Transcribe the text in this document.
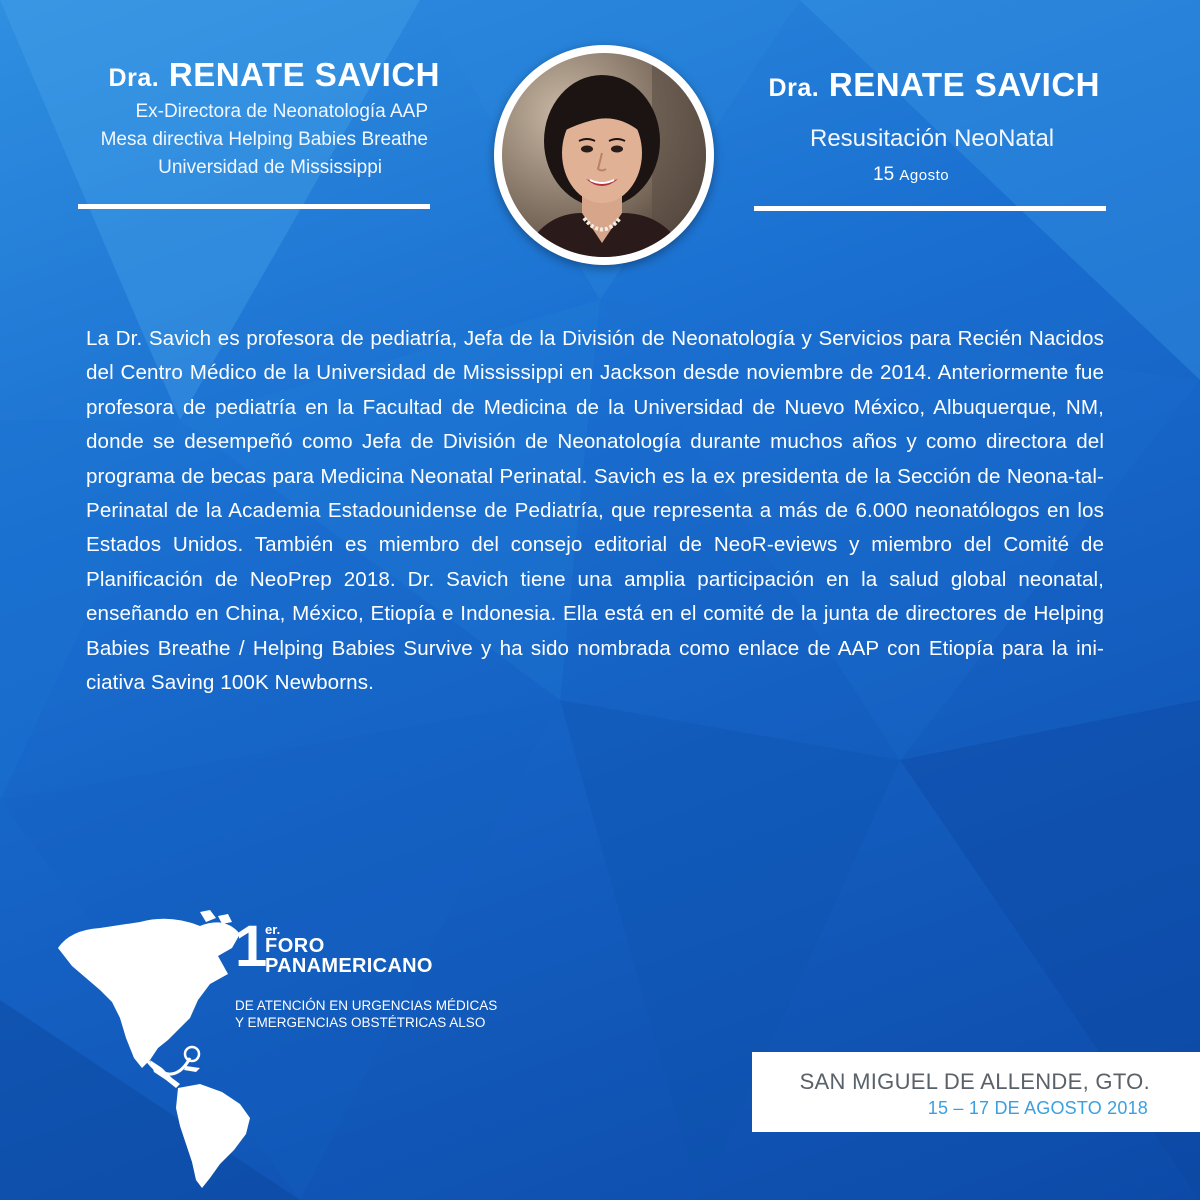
Dra. RENATE SAVICH
Ex-Directora de Neonatología AAP
Mesa directiva Helping Babies Breathe
Universidad de Mississippi
Dra. RENATE SAVICH
Resusitación NeoNatal
15 Agosto
La Dr. Savich es profesora de pediatría, Jefa de la División de Neonatología y Servicios para Recién Nacidos del Centro Médico de la Universidad de Mississippi en Jackson desde noviembre de 2014. Anteriormente fue profesora de pediatría en la Facultad de Medicina de la Universidad de Nuevo México, Albuquerque, NM, donde se desempeñó como Jefa de División de Neonatología durante muchos años y como directora del programa de becas para Medicina Neonatal Perinatal. Savich es la ex presidenta de la Sección de Neona-tal-Perinatal de la Academia Estadounidense de Pediatría, que representa a más de 6.000 neonatólogos en los Estados Unidos. También es miembro del consejo editorial de NeoR-eviews y miembro del Comité de Planificación de NeoPrep 2018. Dr. Savich tiene una amplia participación en la salud global neonatal, enseñando en China, México, Etiopía e Indonesia. Ella está en el comité de la junta de directores de Helping Babies Breathe / Helping Babies Survive y ha sido nombrada como enlace de AAP con Etiopía para la ini-ciativa Saving 100K Newborns.
1
er.
FORO
PANAMERICANO
DE ATENCIÓN EN URGENCIAS MÉDICAS
Y EMERGENCIAS OBSTÉTRICAS ALSO
SAN MIGUEL DE ALLENDE, GTO.
15 – 17 DE AGOSTO 2018
